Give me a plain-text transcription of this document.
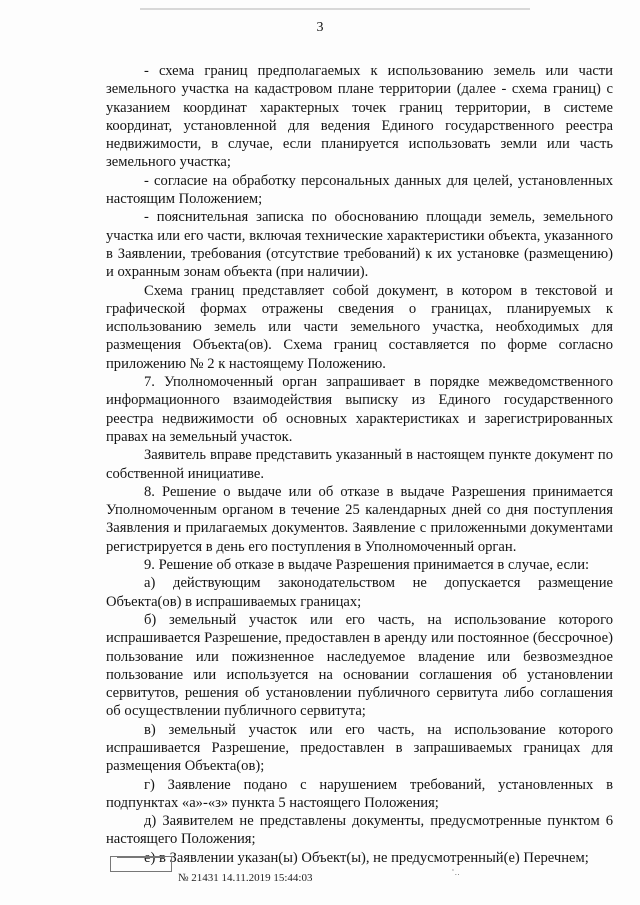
3

- схема границ предполагаемых к использованию земель или части земельного участка на кадастровом плане территории (далее - схема границ) с указанием координат характерных точек границ территории, в системе координат, установленной для ведения Единого государственного реестра недвижимости, в случае, если планируется использовать земли или часть земельного участка;

- согласие на обработку персональных данных для целей, установленных настоящим Положением;

- пояснительная записка по обоснованию площади земель, земельного участка или его части, включая технические характеристики объекта, указанного в Заявлении, требования (отсутствие требований) к их установке (размещению) и охранным зонам объекта (при наличии).

Схема границ представляет собой документ, в котором в текстовой и графической формах отражены сведения о границах, планируемых к использованию земель или части земельного участка, необходимых для размещения Объекта(ов). Схема границ составляется по форме согласно приложению № 2 к настоящему Положению.

7. Уполномоченный орган запрашивает в порядке межведомственного информационного взаимодействия выписку из Единого государственного реестра недвижимости об основных характеристиках и зарегистрированных правах на земельный участок.

Заявитель вправе представить указанный в настоящем пункте документ по собственной инициативе.

8. Решение о выдаче или об отказе в выдаче Разрешения принимается Уполномоченным органом в течение 25 календарных дней со дня поступления Заявления и прилагаемых документов. Заявление с приложенными документами регистрируется в день его поступления в Уполномоченный орган.

9. Решение об отказе в выдаче Разрешения принимается в случае, если:

а) действующим законодательством не допускается размещение Объекта(ов) в испрашиваемых границах;

б) земельный участок или его часть, на использование которого испрашивается Разрешение, предоставлен в аренду или постоянное (бессрочное) пользование или пожизненное наследуемое владение или безвозмездное пользование или используется на основании соглашения об установлении сервитутов, решения об установлении публичного сервитута либо соглашения об осуществлении публичного сервитута;

в) земельный участок или его часть, на использование которого испрашивается Разрешение, предоставлен в запрашиваемых границах для размещения Объекта(ов);

г) Заявление подано с нарушением требований, установленных в подпунктах «а»-«з» пункта 5 настоящего Положения;

д) Заявителем не представлены документы, предусмотренные пунктом 6 настоящего Положения;

е) в Заявлении указан(ы) Объект(ы), не предусмотренный(е) Перечнем;

№ 21431 14.11.2019 15:44:03	ʿ‥
